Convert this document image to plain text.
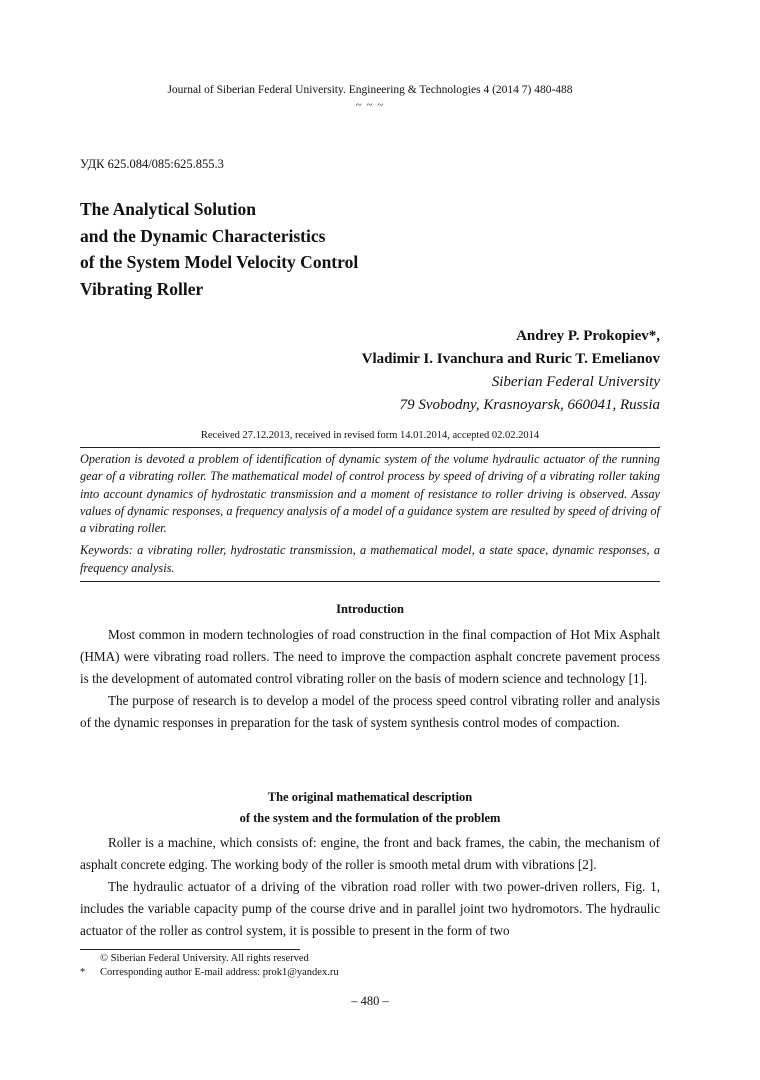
Journal of Siberian Federal University. Engineering & Technologies 4 (2014 7) 480-488
~ ~ ~
УДК 625.084/085:625.855.3
The Analytical Solution
and the Dynamic Characteristics
of the System Model Velocity Control
Vibrating Roller
Andrey P. Prokopiev*,
Vladimir I. Ivanchura and Ruric T. Emelianov
Siberian Federal University
79 Svobodny, Krasnoyarsk, 660041, Russia
Received 27.12.2013, received in revised form 14.01.2014, accepted 02.02.2014

Operation is devoted a problem of identification of dynamic system of the volume hydraulic actuator of the running gear of a vibrating roller. The mathematical model of control process by speed of driving of a vibrating roller taking into account dynamics of hydrostatic transmission and a moment of resistance to roller driving is observed. Assay values of dynamic responses, a frequency analysis of a model of a guidance system are resulted by speed of driving of a vibrating roller.

Keywords: a vibrating roller, hydrostatic transmission, a mathematical model, a state space, dynamic responses, a frequency analysis.

Introduction

Most common in modern technologies of road construction in the final compaction of Hot Mix Asphalt (HMA) were vibrating road rollers. The need to improve the compaction asphalt concrete pavement process is the development of automated control vibrating roller on the basis of modern science and technology [1].

The purpose of research is to develop a model of the process speed control vibrating roller and analysis of the dynamic responses in preparation for the task of system synthesis control modes of compaction.

The original mathematical description
of the system and the formulation of the problem

Roller is a machine, which consists of: engine, the front and back frames, the cabin, the mechanism of asphalt concrete edging. The working body of the roller is smooth metal drum with vibrations [2].

The hydraulic actuator of a driving of the vibration road roller with two power-driven rollers, Fig. 1, includes the variable capacity pump of the course drive and in parallel joint two hydromotors. The hydraulic actuator of the roller as control system, it is possible to present in the form of two

© Siberian Federal University. All rights reserved
* Corresponding author E-mail address: prok1@yandex.ru
– 480 –
